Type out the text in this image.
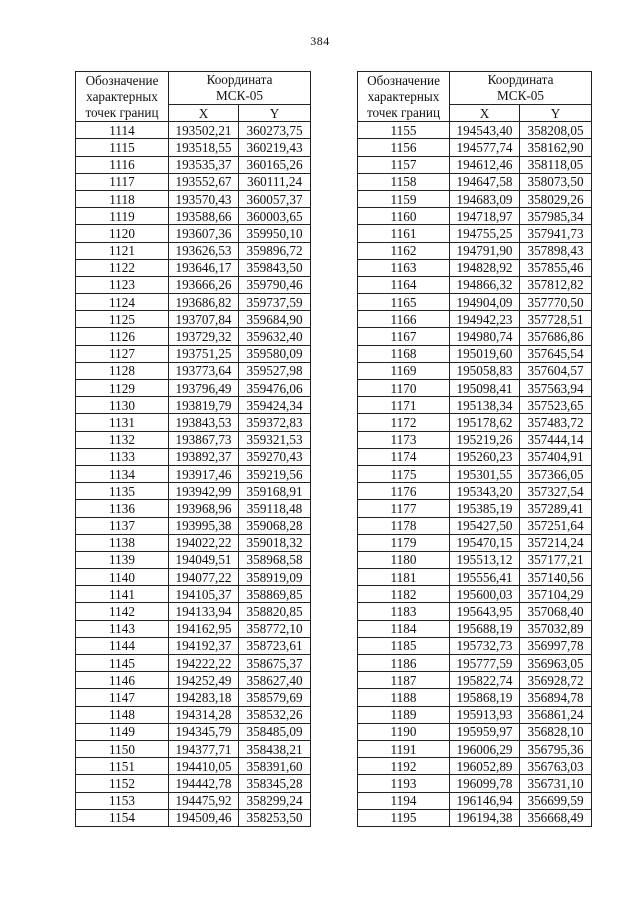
384
Обозначение характерных точек границ	Координата
МСК-05	
	X	Y
1114	193502,21	360273,75
1115	193518,55	360219,43
1116	193535,37	360165,26
1117	193552,67	360111,24
1118	193570,43	360057,37
1119	193588,66	360003,65
1120	193607,36	359950,10
1121	193626,53	359896,72
1122	193646,17	359843,50
1123	193666,26	359790,46
1124	193686,82	359737,59
1125	193707,84	359684,90
1126	193729,32	359632,40
1127	193751,25	359580,09
1128	193773,64	359527,98
1129	193796,49	359476,06
1130	193819,79	359424,34
1131	193843,53	359372,83
1132	193867,73	359321,53
1133	193892,37	359270,43
1134	193917,46	359219,56
1135	193942,99	359168,91
1136	193968,96	359118,48
1137	193995,38	359068,28
1138	194022,22	359018,32
1139	194049,51	358968,58
1140	194077,22	358919,09
1141	194105,37	358869,85
1142	194133,94	358820,85
1143	194162,95	358772,10
1144	194192,37	358723,61
1145	194222,22	358675,37
1146	194252,49	358627,40
1147	194283,18	358579,69
1148	194314,28	358532,26
1149	194345,79	358485,09
1150	194377,71	358438,21
1151	194410,05	358391,60
1152	194442,78	358345,28
1153	194475,92	358299,24
1154	194509,46	358253,50
Обозначение характерных точек границ	Координата
МСК-05	
	X	Y
1155	194543,40	358208,05
1156	194577,74	358162,90
1157	194612,46	358118,05
1158	194647,58	358073,50
1159	194683,09	358029,26
1160	194718,97	357985,34
1161	194755,25	357941,73
1162	194791,90	357898,43
1163	194828,92	357855,46
1164	194866,32	357812,82
1165	194904,09	357770,50
1166	194942,23	357728,51
1167	194980,74	357686,86
1168	195019,60	357645,54
1169	195058,83	357604,57
1170	195098,41	357563,94
1171	195138,34	357523,65
1172	195178,62	357483,72
1173	195219,26	357444,14
1174	195260,23	357404,91
1175	195301,55	357366,05
1176	195343,20	357327,54
1177	195385,19	357289,41
1178	195427,50	357251,64
1179	195470,15	357214,24
1180	195513,12	357177,21
1181	195556,41	357140,56
1182	195600,03	357104,29
1183	195643,95	357068,40
1184	195688,19	357032,89
1185	195732,73	356997,78
1186	195777,59	356963,05
1187	195822,74	356928,72
1188	195868,19	356894,78
1189	195913,93	356861,24
1190	195959,97	356828,10
1191	196006,29	356795,36
1192	196052,89	356763,03
1193	196099,78	356731,10
1194	196146,94	356699,59
1195	196194,38	356668,49
